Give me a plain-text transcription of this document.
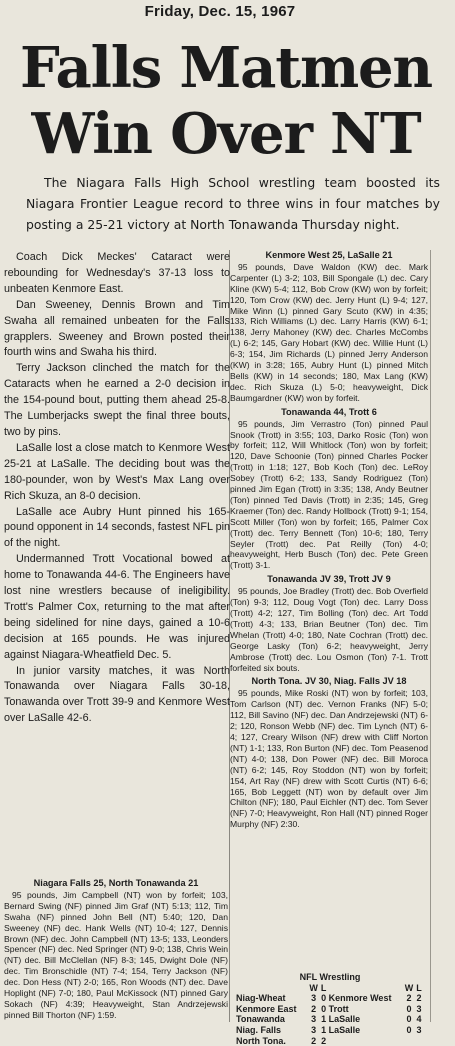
Friday, Dec. 15, 1967
Falls Matmen
Win Over NT

The Niagara Falls High School wrestling team boosted its Niagara Frontier League record to three wins in four matches by posting a 25-21 victory at North Tonawanda Thursday night.

Coach Dick Meckes' Cataract were rebounding for Wednesday's 37-13 loss to unbeaten Kenmore East.

Dan Sweeney, Dennis Brown and Tim Swaha all remained unbeaten for the Falls grapplers. Sweeney and Brown posted their fourth wins and Swaha his third.

Terry Jackson clinched the match for the Cataracts when he earned a 2-0 decision in the 154-pound bout, putting them ahead 25-8. The Lumberjacks swept the final three bouts, two by pins.

LaSalle lost a close match to Kenmore West 25-21 at LaSalle. The deciding bout was the 180-pounder, won by West's Max Lang over Rich Skuza, an 8-0 decision.

LaSalle ace Aubry Hunt pinned his 165-pound opponent in 14 seconds, fastest NFL pin of the night.

Undermanned Trott Vocational bowed at home to Tonawanda 44-6. The Engineers have lost nine wrestlers because of ineligibility. Trott's Palmer Cox, returning to the mat after being sidelined for nine days, gained a 10-6 decision at 165 pounds. He was injured against Niagara-Wheatfield Dec. 5.

In junior varsity matches, it was North Tonawanda over Niagara Falls 30-18, Tonawanda over Trott 39-9 and Kenmore West over LaSalle 42-6.

Niagara Falls 25, North Tonawanda 21

95 pounds, Jim Campbell (NT) won by forfeit; 103, Bernard Swing (NF) pinned Jim Graf (NT) 5:13; 112, Tim Swaha (NF) pinned John Bell (NT) 5:40; 120, Dan Sweeney (NF) dec. Hank Wells (NT) 10-4; 127, Dennis Brown (NF) dec. John Campbell (NT) 13-5; 133, Leonders Spencer (NF) dec. Ned Springer (NT) 9-0; 138, Chris Wein (NT) dec. Bill McClellan (NF) 8-3; 145, Dwight Dole (NF) dec. Tim Bronschidle (NT) 7-4; 154, Terry Jackson (NF) dec. Don Hess (NT) 2-0; 165, Ron Woods (NT) dec. Dave Hoplight (NF) 7-0; 180, Paul McKissock (NT) pinned Gary Sokach (NF) 4:39; Heavyweight, Stan Andrzejewski pinned Bill Thorton (NF) 1:59.

Kenmore West 25, LaSalle 21

95 pounds, Dave Waldon (KW) dec. Mark Carpenter (L) 3-2; 103, Bill Spongale (L) dec. Cary Kline (KW) 5-4; 112, Bob Crow (KW) won by forfeit; 120, Tom Crow (KW) dec. Jerry Hunt (L) 9-4; 127, Mike Winn (L) pinned Gary Scuto (KW) in 4:35; 133, Rich Williams (L) dec. Larry Harris (KW) 6-1; 138, Jerry Mahoney (KW) dec. Charles McCombs (L) 6-2; 145, Gary Hobart (KW) dec. Willie Hunt (L) 6-3; 154, Jim Richards (L) pinned Jerry Anderson (KW) in 3:28; 165, Aubry Hunt (L) pinned Mitch Bells (KW) in 14 seconds; 180, Max Lang (KW) dec. Rich Skuza (L) 5-0; heavyweight, Dick Baumgardner (KW) won by forfeit.

Tonawanda 44, Trott 6

95 pounds, Jim Verrastro (Ton) pinned Paul Snook (Trott) in 3:55; 103, Darko Rosic (Ton) won by forfeit; 112, Will Whitlock (Ton) won by forfeit; 120, Dave Schoonie (Ton) pinned Charles Pocker (Trott) in 1:18; 127, Bob Koch (Ton) dec. LeRoy Sobey (Trott) 6-2; 133, Sandy Rodriguez (Ton) pinned Jim Egan (Trott) in 3:35; 138, Andy Beutner (Ton) pinned Ted Davis (Trott) in 2:35; 145, Greg Kraemer (Ton) dec. Randy Hollbock (Trott) 9-1; 154, Scott Miller (Ton) won by forfeit; 165, Palmer Cox (Trott) dec. Terry Bennett (Ton) 10-6; 180, Terry Seyler (Trott) dec. Pat Reilly (Ton) 4-0; heavyweight, Herb Busch (Ton) dec. Pete Green (Trott) 3-1.

Tonawanda JV 39, Trott JV 9

95 pounds, Joe Bradley (Trott) dec. Bob Overfield (Ton) 9-3; 112, Doug Vogt (Ton) dec. Larry Doss (Trott) 4-2; 127, Tim Bolling (Ton) dec. Art Todd (Trott) 4-3; 133, Brian Beutner (Ton) dec. Tim Whelan (Trott) 4-0; 180, Nate Cochran (Trott) dec. George Lasky (Ton) 6-2; heavyweight, Jerry Ambrose (Trott) dec. Lou Osmon (Ton) 7-1. Trott forfeited six bouts.

North Tona. JV 30, Niag. Falls JV 18

95 pounds, Mike Roski (NT) won by forfeit; 103, Tom Carlson (NT) dec. Vernon Franks (NF) 5-0; 112, Bill Savino (NF) dec. Dan Andrzejewski (NT) 6-2; 120, Ronson Webb (NF) dec. Tim Lynch (NT) 6-4; 127, Creary Wilson (NF) drew with Cliff Norton (NT) 1-1; 133, Ron Burton (NF) dec. Tom Peasenod (NT) 4-0; 138, Don Power (NF) dec. Bill Moroca (NT) 6-2; 145, Roy Stoddon (NT) won by forfeit; 154, Art Ray (NF) drew with Scott Curtis (NT) 6-6; 165, Bob Leggett (NT) won by default over Jim Chilton (NF); 180, Paul Eichler (NT) dec. Tom Sever (NF) 7-0; Heavyweight, Ron Hall (NT) pinned Roger Murphy (NF) 2:30.

NFL Wrestling
	W	L		W	L
Niag-Wheat	3	0	Kenmore West	2	2
Kenmore East	2	0	Trott	0	3
Tonawanda	3	1	LaSalle	0	4
Niag. Falls	3	1	LaSalle	0	3
North Tona.	2	2			
